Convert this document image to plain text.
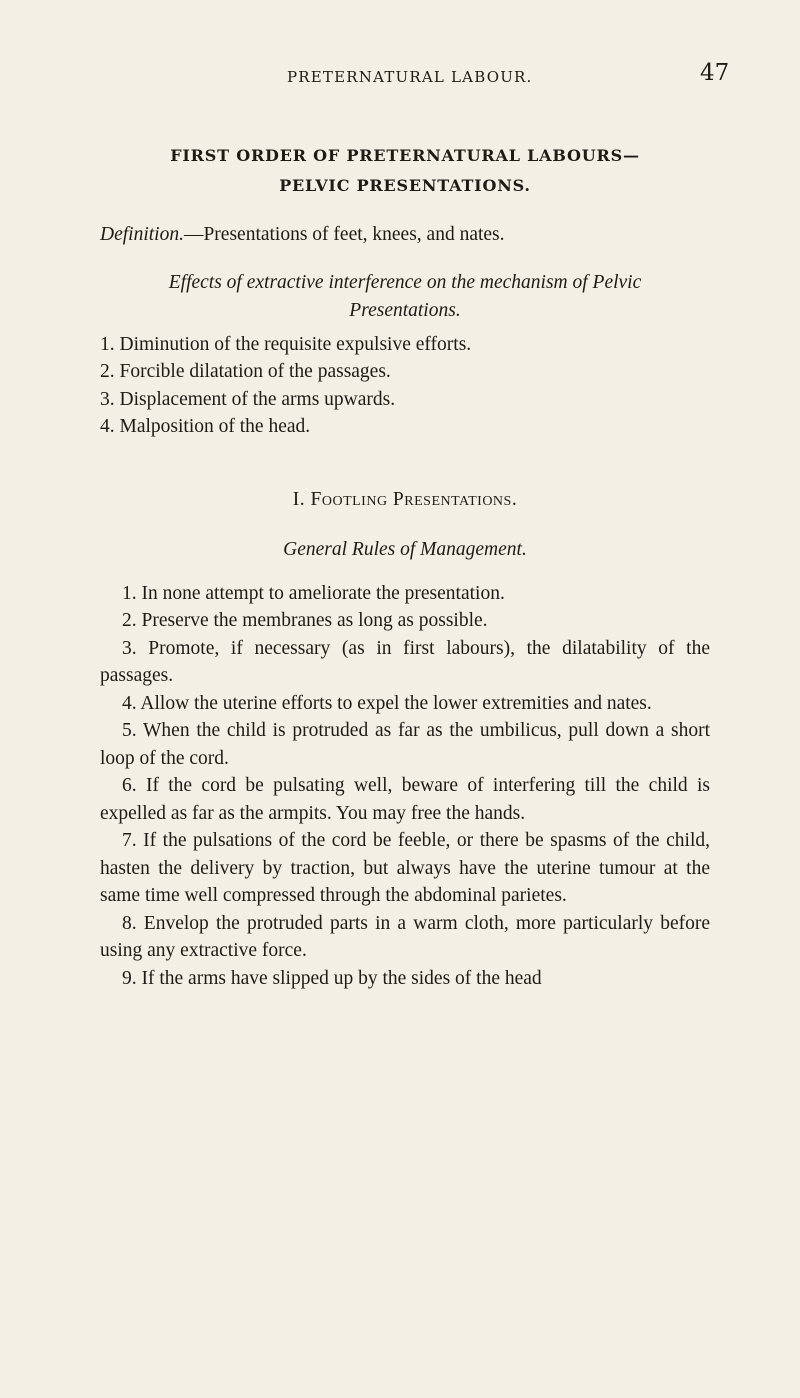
PRETERNATURAL LABOUR.	47
FIRST ORDER OF PRETERNATURAL LABOURS—
PELVIC PRESENTATIONS.

Definition.—Presentations of feet, knees, and nates.

Effects of extractive interference on the mechanism of Pelvic
Presentations.

1. Diminution of the requisite expulsive efforts.
2. Forcible dilatation of the passages.
3. Displacement of the arms upwards.
4. Malposition of the head.

I. Footling Presentations.

General Rules of Management.

1. In none attempt to ameliorate the presentation.
2. Preserve the membranes as long as possible.
3. Promote, if necessary (as in first labours), the dilatability of the passages.
4. Allow the uterine efforts to expel the lower extremities and nates.
5. When the child is protruded as far as the umbilicus, pull down a short loop of the cord.
6. If the cord be pulsating well, beware of interfering till the child is expelled as far as the armpits. You may free the hands.
7. If the pulsations of the cord be feeble, or there be spasms of the child, hasten the delivery by traction, but always have the uterine tumour at the same time well compressed through the abdominal parietes.
8. Envelop the protruded parts in a warm cloth, more particularly before using any extractive force.
9. If the arms have slipped up by the sides of the head
